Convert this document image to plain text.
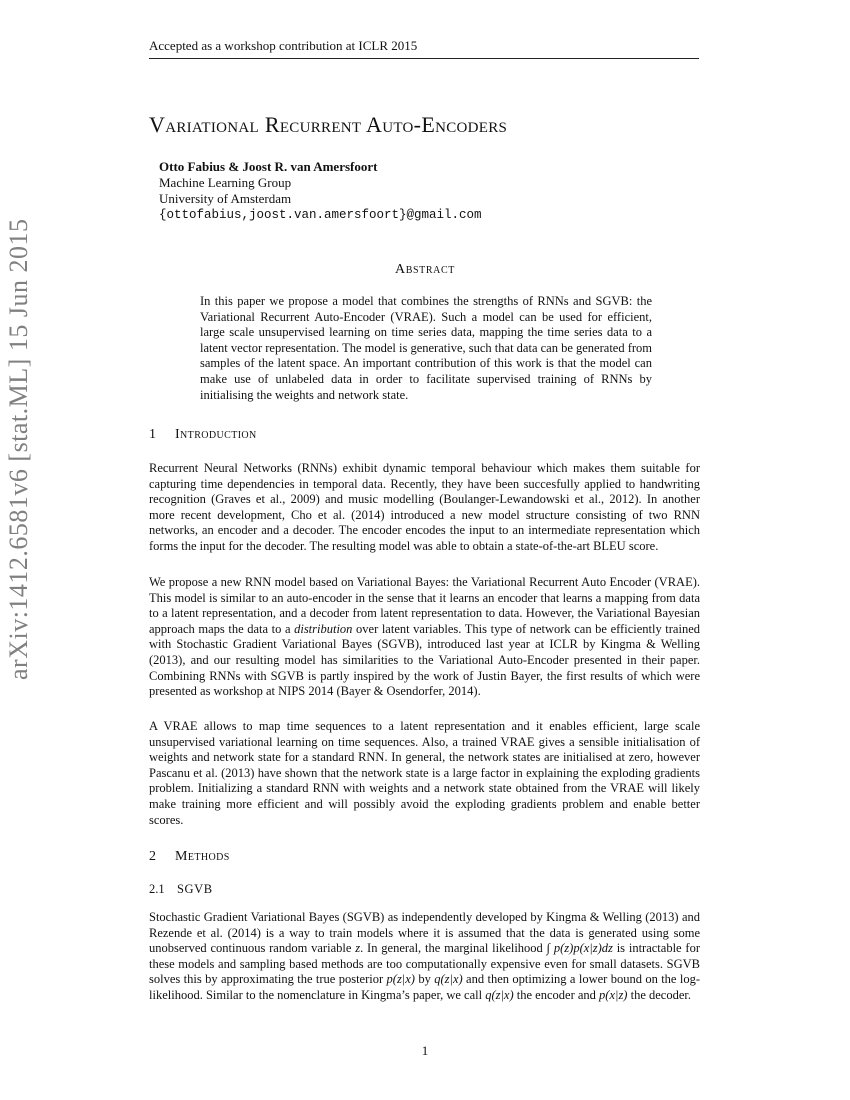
Accepted as a workshop contribution at ICLR 2015
arXiv:1412.6581v6 [stat.ML] 15 Jun 2015
Variational Recurrent Auto-Encoders
Otto Fabius & Joost R. van Amersfoort
Machine Learning Group
University of Amsterdam
{ottofabius,joost.van.amersfoort}@gmail.com
Abstract
In this paper we propose a model that combines the strengths of RNNs and SGVB: the Variational Recurrent Auto-Encoder (VRAE). Such a model can be used for efficient, large scale unsupervised learning on time series data, mapping the time series data to a latent vector representation. The model is generative, such that data can be generated from samples of the latent space. An important contribution of this work is that the model can make use of unlabeled data in order to facilitate supervised training of RNNs by initialising the weights and network state.
1 Introduction
Recurrent Neural Networks (RNNs) exhibit dynamic temporal behaviour which makes them suitable for capturing time dependencies in temporal data. Recently, they have been succesfully applied to handwriting recognition (Graves et al., 2009) and music modelling (Boulanger-Lewandowski et al., 2012). In another more recent development, Cho et al. (2014) introduced a new model structure consisting of two RNN networks, an encoder and a decoder. The encoder encodes the input to an intermediate representation which forms the input for the decoder. The resulting model was able to obtain a state-of-the-art BLEU score.
We propose a new RNN model based on Variational Bayes: the Variational Recurrent Auto Encoder (VRAE). This model is similar to an auto-encoder in the sense that it learns an encoder that learns a mapping from data to a latent representation, and a decoder from latent representation to data. However, the Variational Bayesian approach maps the data to a distribution over latent variables. This type of network can be efficiently trained with Stochastic Gradient Variational Bayes (SGVB), introduced last year at ICLR by Kingma & Welling (2013), and our resulting model has similarities to the Variational Auto-Encoder presented in their paper. Combining RNNs with SGVB is partly inspired by the work of Justin Bayer, the first results of which were presented as workshop at NIPS 2014 (Bayer & Osendorfer, 2014).
A VRAE allows to map time sequences to a latent representation and it enables efficient, large scale unsupervised variational learning on time sequences. Also, a trained VRAE gives a sensible initialisation of weights and network state for a standard RNN. In general, the network states are initialised at zero, however Pascanu et al. (2013) have shown that the network state is a large factor in explaining the exploding gradients problem. Initializing a standard RNN with weights and a network state obtained from the VRAE will likely make training more efficient and will possibly avoid the exploding gradients problem and enable better scores.
2 Methods
2.1 SGVB
Stochastic Gradient Variational Bayes (SGVB) as independently developed by Kingma & Welling (2013) and Rezende et al. (2014) is a way to train models where it is assumed that the data is generated using some unobserved continuous random variable z. In general, the marginal likelihood ∫ p(z)p(x|z)dz is intractable for these models and sampling based methods are too computationally expensive even for small datasets. SGVB solves this by approximating the true posterior p(z|x) by q(z|x) and then optimizing a lower bound on the log-likelihood. Similar to the nomenclature in Kingma’s paper, we call q(z|x) the encoder and p(x|z) the decoder.
1
